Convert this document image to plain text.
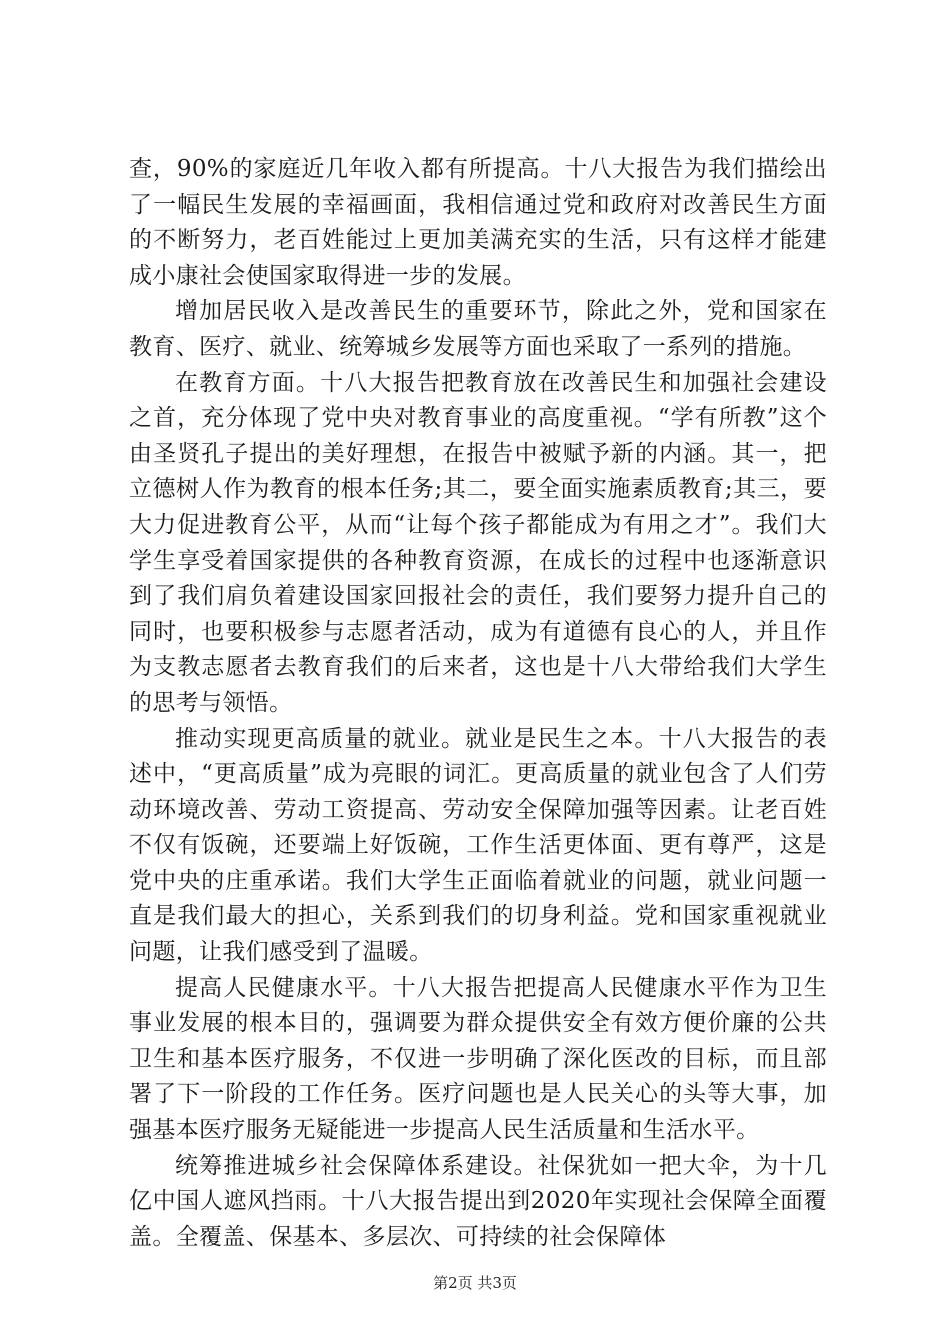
查，90%的家庭近几年收入都有所提高。十八大报告为我们描绘出了一幅民生发展的幸福画面，我相信通过党和政府对改善民生方面的不断努力，老百姓能过上更加美满充实的生活，只有这样才能建成小康社会使国家取得进一步的发展。

增加居民收入是改善民生的重要环节，除此之外，党和国家在教育、医疗、就业、统筹城乡发展等方面也采取了一系列的措施。

在教育方面。十八大报告把教育放在改善民生和加强社会建设之首，充分体现了党中央对教育事业的高度重视。“学有所教”这个由圣贤孔子提出的美好理想，在报告中被赋予新的内涵。其一，把立德树人作为教育的根本任务;其二，要全面实施素质教育;其三，要大力促进教育公平，从而“让每个孩子都能成为有用之才”。我们大学生享受着国家提供的各种教育资源，在成长的过程中也逐渐意识到了我们肩负着建设国家回报社会的责任，我们要努力提升自己的同时，也要积极参与志愿者活动，成为有道德有良心的人，并且作为支教志愿者去教育我们的后来者，这也是十八大带给我们大学生的思考与领悟。

推动实现更高质量的就业。就业是民生之本。十八大报告的表述中，“更高质量”成为亮眼的词汇。更高质量的就业包含了人们劳动环境改善、劳动工资提高、劳动安全保障加强等因素。让老百姓不仅有饭碗，还要端上好饭碗，工作生活更体面、更有尊严，这是党中央的庄重承诺。我们大学生正面临着就业的问题，就业问题一直是我们最大的担心，关系到我们的切身利益。党和国家重视就业问题，让我们感受到了温暖。

提高人民健康水平。十八大报告把提高人民健康水平作为卫生事业发展的根本目的，强调要为群众提供安全有效方便价廉的公共卫生和基本医疗服务，不仅进一步明确了深化医改的目标，而且部署了下一阶段的工作任务。医疗问题也是人民关心的头等大事，加强基本医疗服务无疑能进一步提高人民生活质量和生活水平。

统筹推进城乡社会保障体系建设。社保犹如一把大伞，为十几亿中国人遮风挡雨。十八大报告提出到2020年实现社会保障全面覆盖。全覆盖、保基本、多层次、可持续的社会保障体

第2页 共3页
